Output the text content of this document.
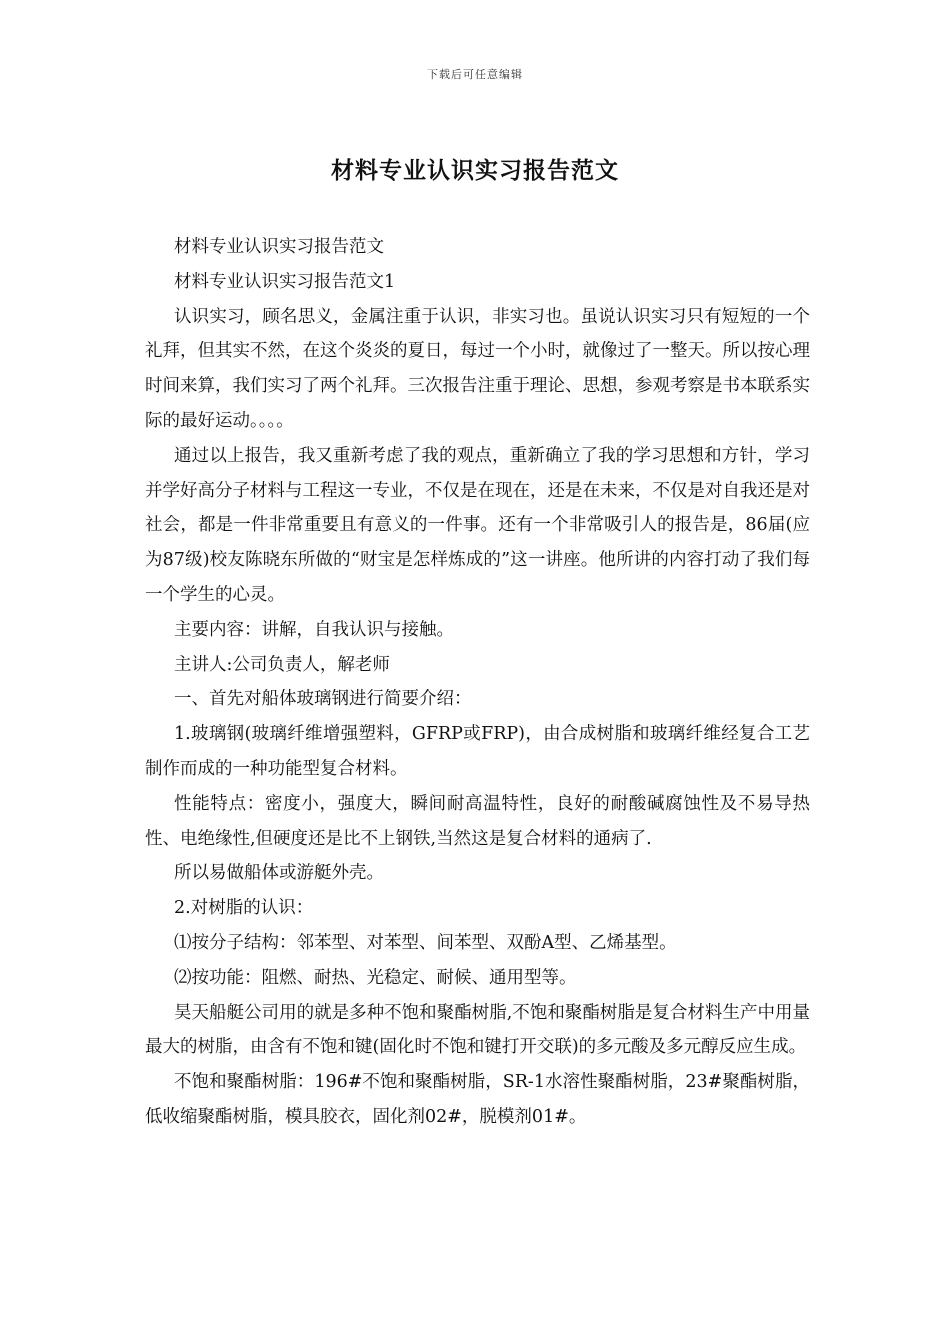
下载后可任意编辑
材料专业认识实习报告范文

材料专业认识实习报告范文

材料专业认识实习报告范文1

认识实习，顾名思义，金属注重于认识，非实习也。虽说认识实习只有短短的一个礼拜，但其实不然，在这个炎炎的夏日，每过一个小时，就像过了一整天。所以按心理时间来算，我们实习了两个礼拜。三次报告注重于理论、思想，参观考察是书本联系实际的最好运动。。。。

通过以上报告，我又重新考虑了我的观点，重新确立了我的学习思想和方针，学习并学好高分子材料与工程这一专业，不仅是在现在，还是在未来，不仅是对自我还是对社会，都是一件非常重要且有意义的一件事。还有一个非常吸引人的报告是，86届(应为87级)校友陈晓东所做的“财宝是怎样炼成的”这一讲座。他所讲的内容打动了我们每一个学生的心灵。

主要内容：讲解，自我认识与接触。

主讲人:公司负责人，解老师

一、首先对船体玻璃钢进行简要介绍：

1.玻璃钢(玻璃纤维增强塑料，GFRP或FRP)，由合成树脂和玻璃纤维经复合工艺制作而成的一种功能型复合材料。

性能特点：密度小，强度大，瞬间耐高温特性，良好的耐酸碱腐蚀性及不易导热性、电绝缘性,但硬度还是比不上钢铁,当然这是复合材料的通病了.

所以易做船体或游艇外壳。

2.对树脂的认识：

⑴按分子结构：邻苯型、对苯型、间苯型、双酚A型、乙烯基型。

⑵按功能：阻燃、耐热、光稳定、耐候、通用型等。

昊天船艇公司用的就是多种不饱和聚酯树脂,不饱和聚酯树脂是复合材料生产中用量最大的树脂，由含有不饱和键(固化时不饱和键打开交联)的多元酸及多元醇反应生成。

不饱和聚酯树脂：196#不饱和聚酯树脂，SR-1水溶性聚酯树脂，23#聚酯树脂，低收缩聚酯树脂，模具胶衣，固化剂02#，脱模剂01#。
